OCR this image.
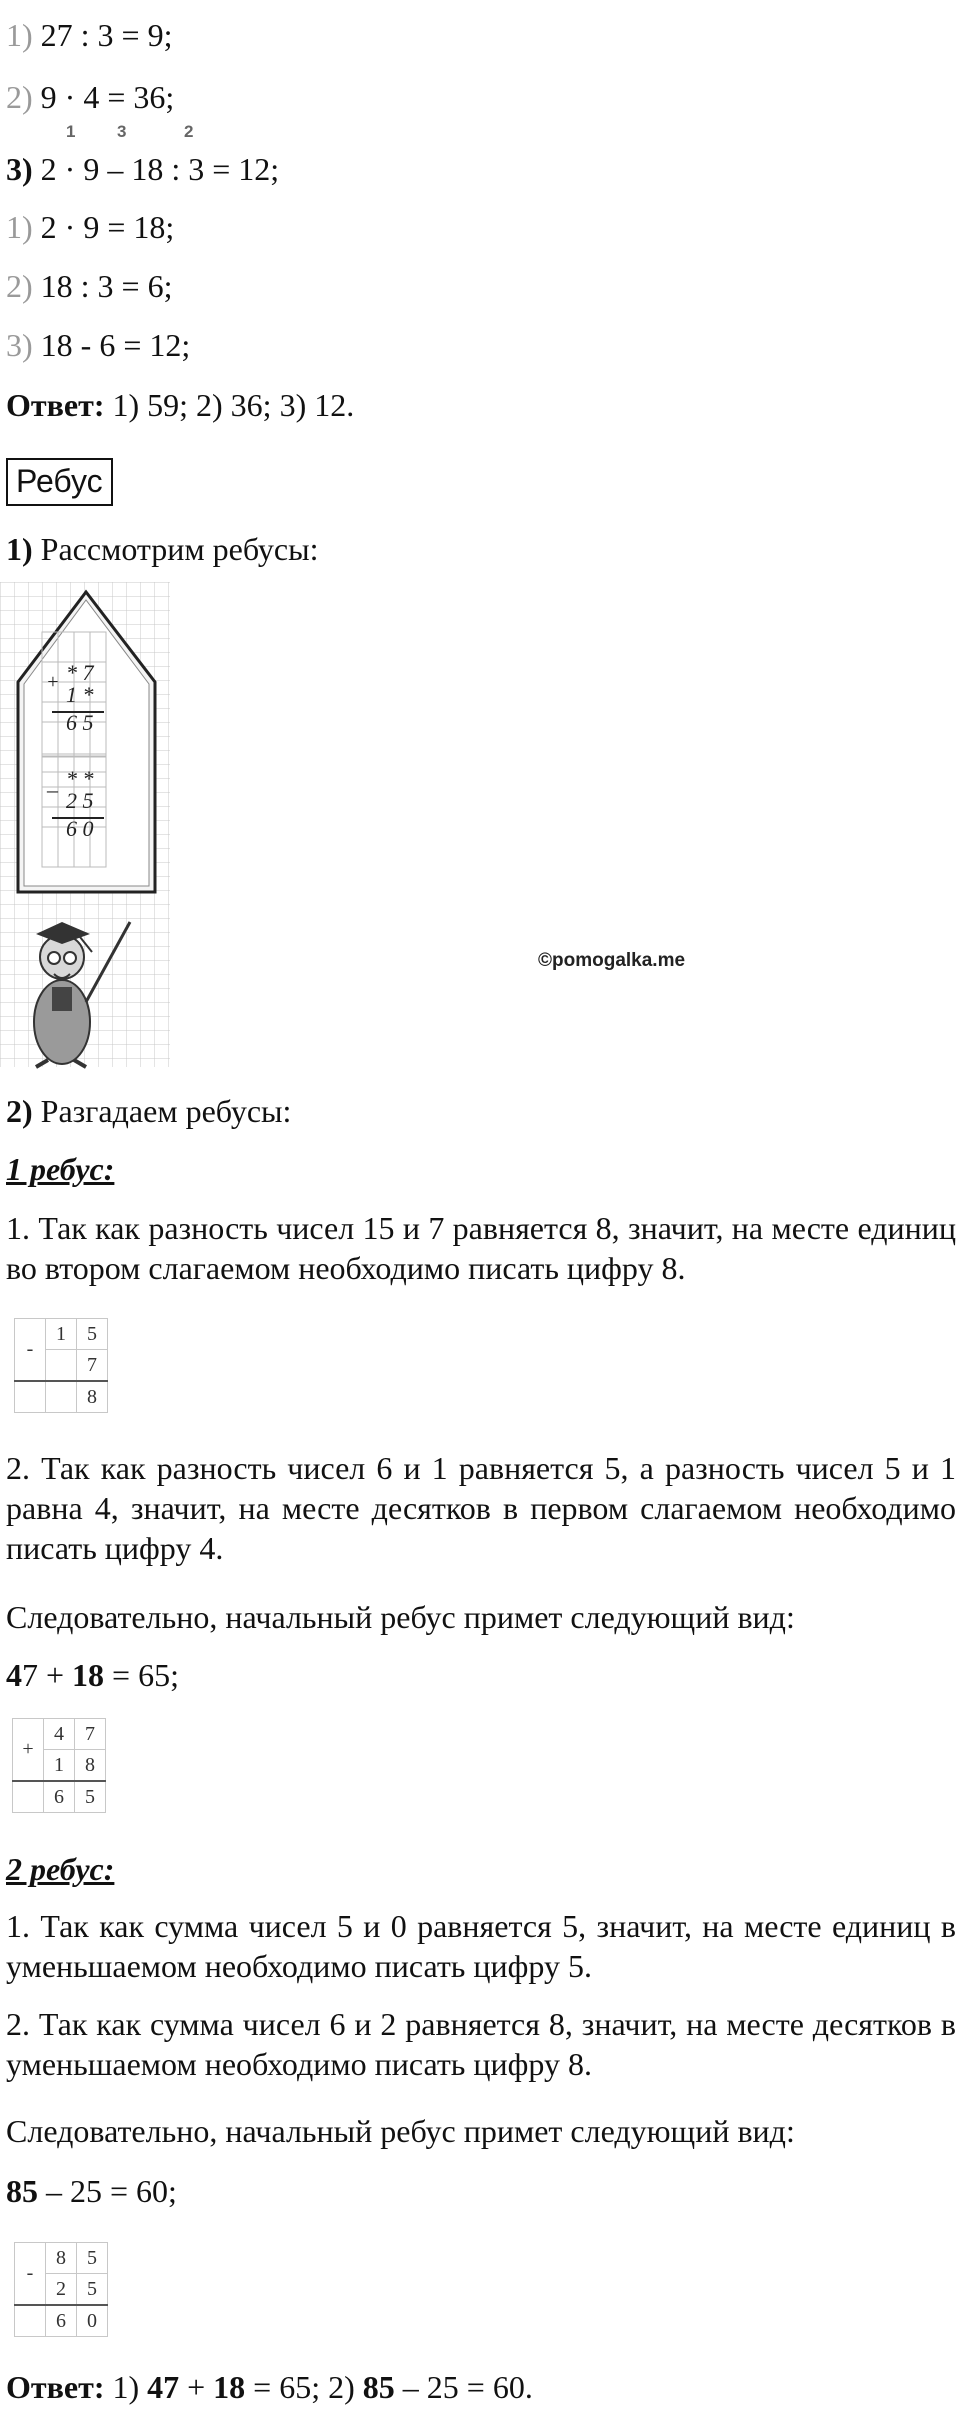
1) 27 : 3 = 9;
2) 9 · 4 = 36;
1 3	2
3) 2 · 9 – 18 : 3 = 12;
1) 2 · 9 = 18;
2) 18 : 3 = 6;
3) 18 - 6 = 12;
Ответ: 1) 59; 2) 36; 3) 12.
Ребус
1) Рассмотрим ребусы:
+ * 7
1 *
6 5
– * *
2 5
6 0
©pomogalka.me
2) Разгадаем ребусы:
1 ребус:
1. Так как разность чисел 15 и 7 равняется 8, значит, на месте единиц во втором слагаемом необходимо писать цифру 8.
-	1	5
		7
		8
2. Так как разность чисел 6 и 1 равняется 5, а разность чисел 5 и 1 равна 4, значит, на месте десятков в первом слагаемом необходимо писать цифру 4.
Следовательно, начальный ребус примет следующий вид:
47 + 18 = 65;
+	4	7
	1	8
	6	5
2 ребус:
1. Так как сумма чисел 5 и 0 равняется 5, значит, на месте единиц в уменьшаемом необходимо писать цифру 5.
2. Так как сумма чисел 6 и 2 равняется 8, значит, на месте десятков в уменьшаемом необходимо писать цифру 8.
Следовательно, начальный ребус примет следующий вид:
85 – 25 = 60;
-	8	5
	2	5
	6	0
Ответ: 1) 47 + 18 = 65; 2) 85 – 25 = 60.
